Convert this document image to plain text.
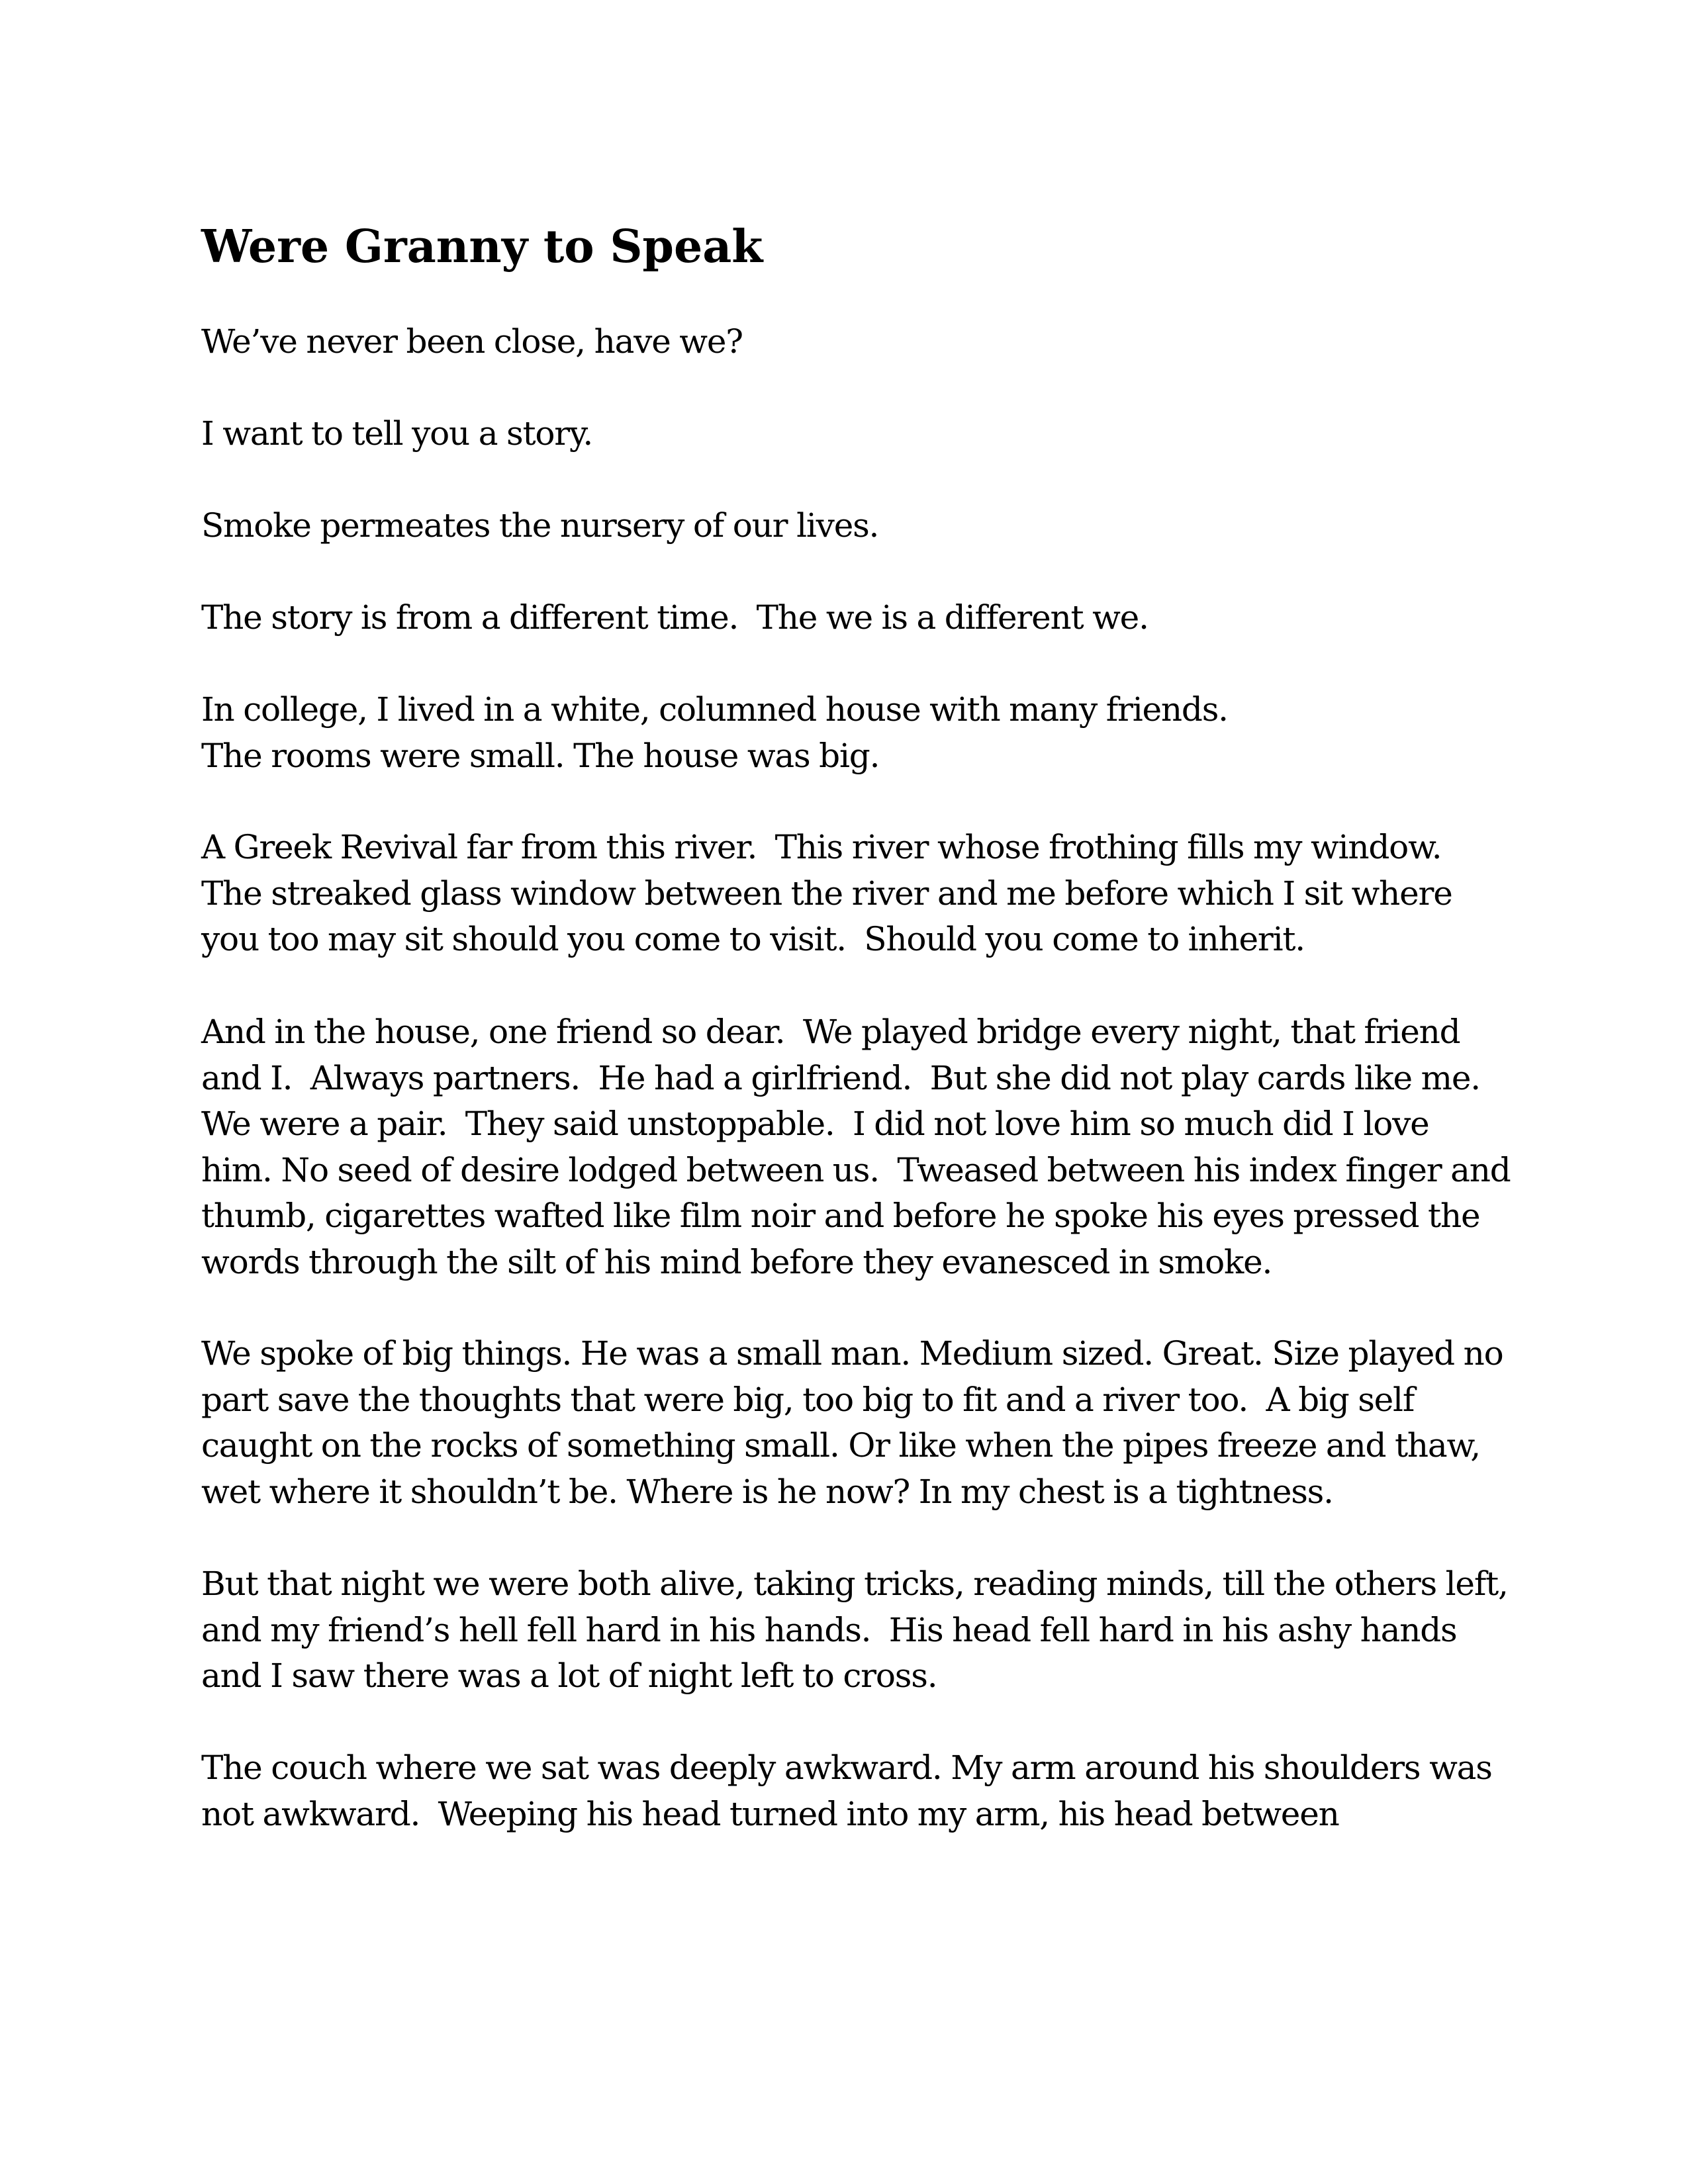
Were Granny to Speak
We’ve never been close, have we?
I want to tell you a story.
Smoke permeates the nursery of our lives.
The story is from a different time.  The we is a different we.
In college, I lived in a white, columned house with many friends.
The rooms were small. The house was big.
A Greek Revival far from this river.  This river whose frothing fills my window.
The streaked glass window between the river and me before which I sit where
you too may sit should you come to visit.  Should you come to inherit.
And in the house, one friend so dear.  We played bridge every night, that friend
and I.  Always partners.  He had a girlfriend.  But she did not play cards like me.
We were a pair.  They said unstoppable.  I did not love him so much did I love
him. No seed of desire lodged between us.  Tweased between his index finger and
thumb, cigarettes wafted like film noir and before he spoke his eyes pressed the
words through the silt of his mind before they evanesced in smoke.
We spoke of big things. He was a small man. Medium sized. Great. Size played no
part save the thoughts that were big, too big to fit and a river too.  A big self
caught on the rocks of something small. Or like when the pipes freeze and thaw,
wet where it shouldn’t be. Where is he now? In my chest is a tightness.
But that night we were both alive, taking tricks, reading minds, till the others left,
and my friend’s hell fell hard in his hands.  His head fell hard in his ashy hands
and I saw there was a lot of night left to cross.
The couch where we sat was deeply awkward. My arm around his shoulders was
not awkward.  Weeping his head turned into my arm, his head between
